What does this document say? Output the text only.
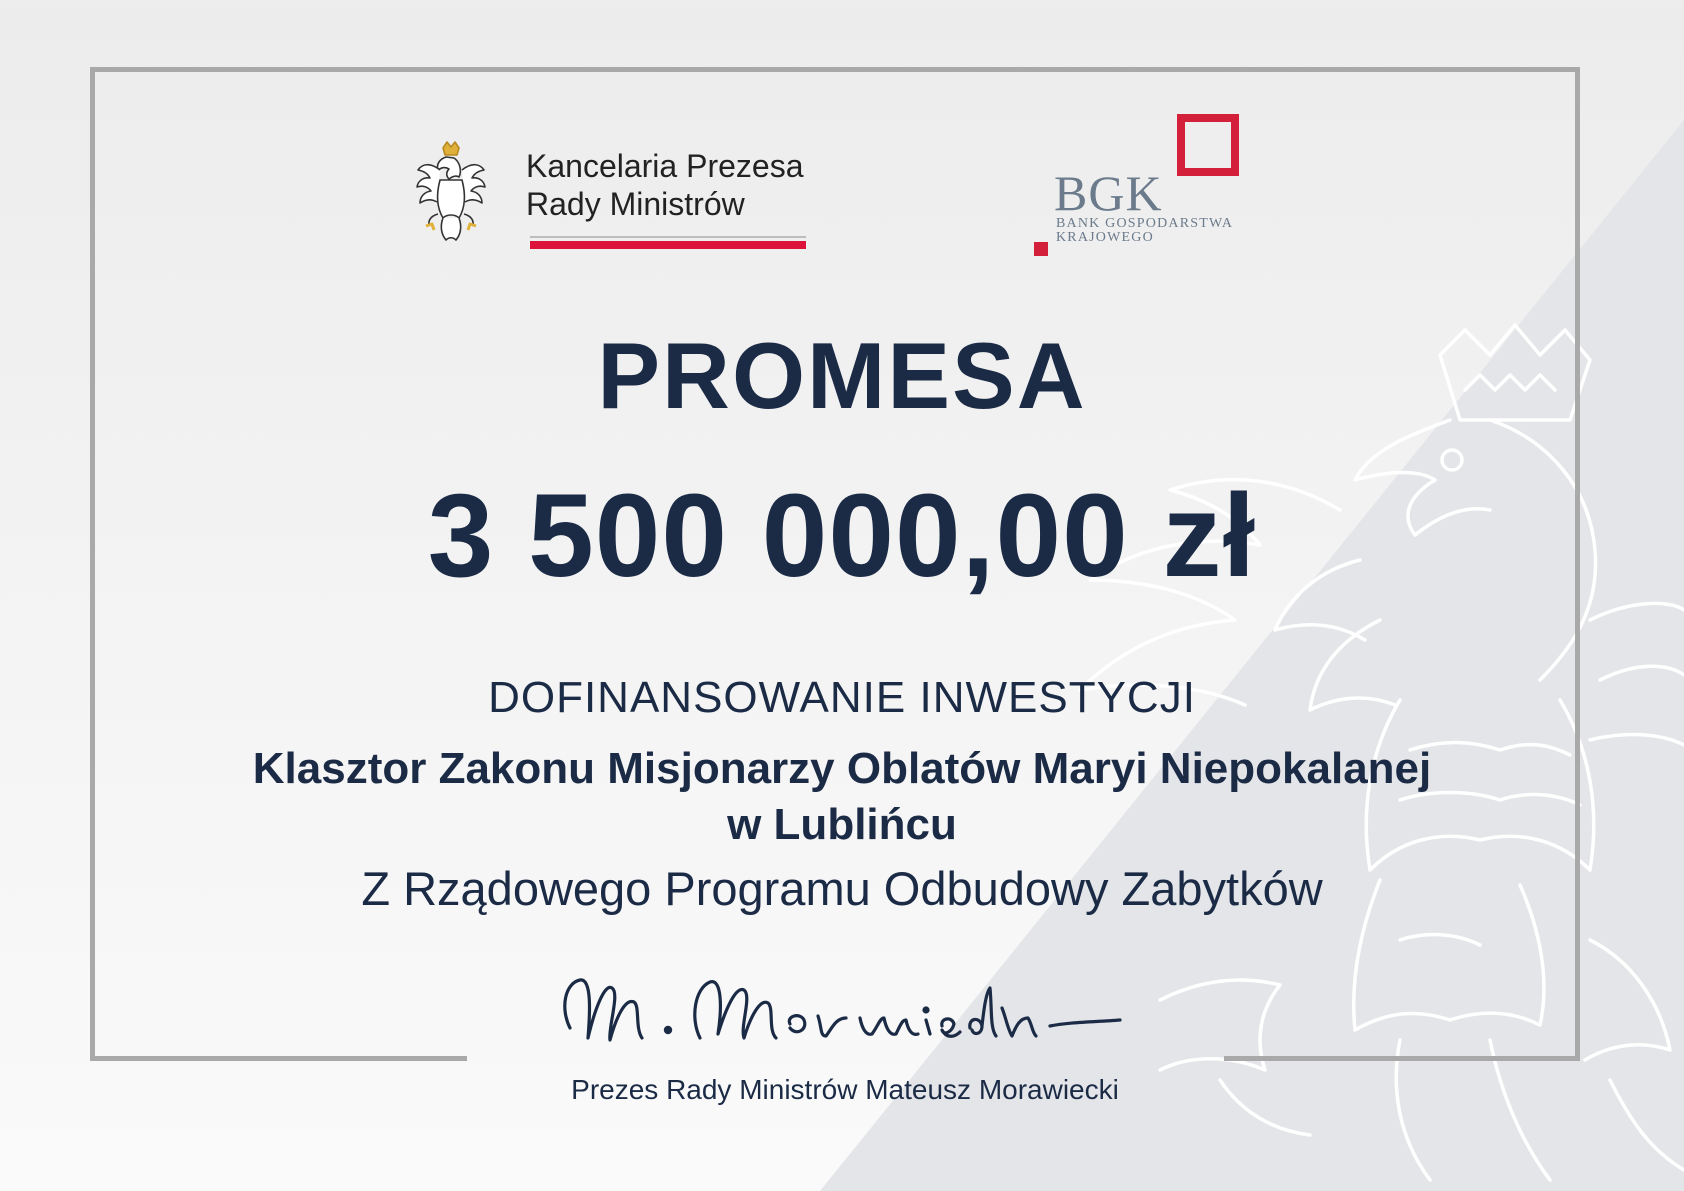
Kancelaria Prezesa
Rady Ministrów	BGK
BANK GOSPODARSTWA
KRAJOWEGO
PROMESA
3 500 000,00 zł
DOFINANSOWANIE INWESTYCJI
Klasztor Zakonu Misjonarzy Oblatów Maryi Niepokalanej
w Lublińcu
Z Rządowego Programu Odbudowy Zabytków
Prezes Rady Ministrów Mateusz Morawiecki
